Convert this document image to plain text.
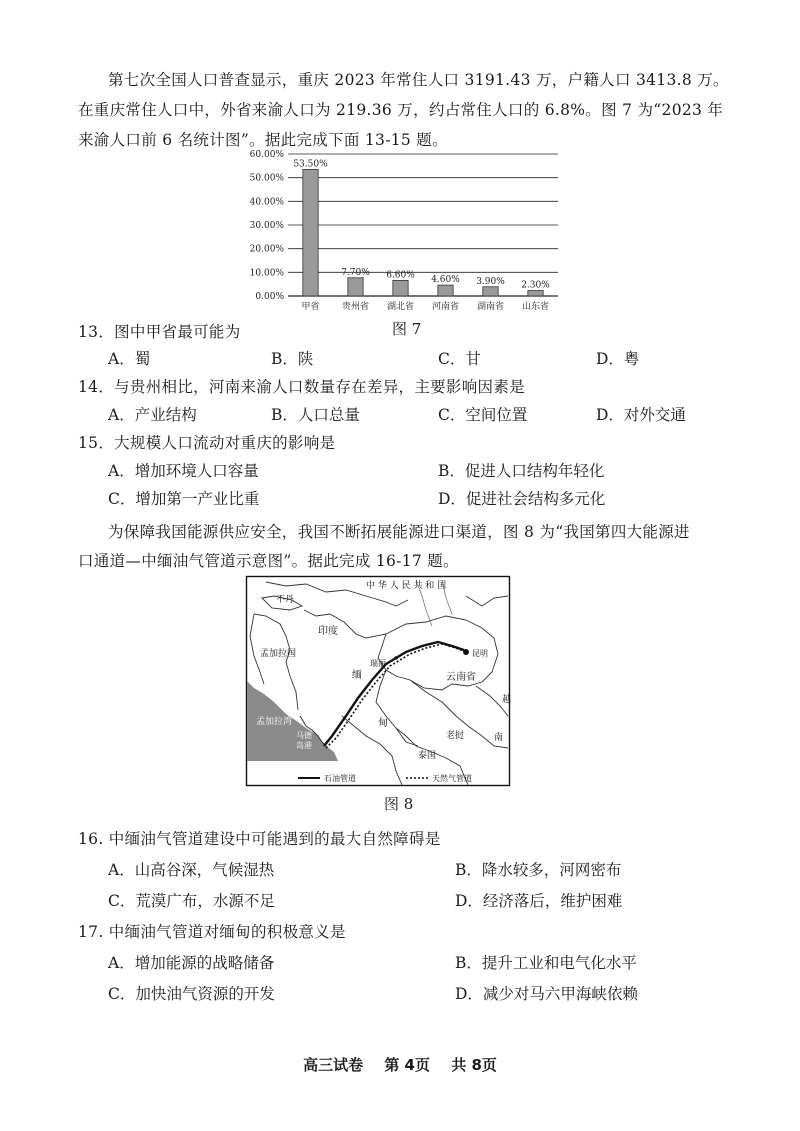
第七次全国人口普查显示，重庆 2023 年常住人口 3191.43 万，户籍人口 3413.8 万。
在重庆常住人口中，外省来渝人口为 219.36 万，约占常住人口的 6.8%。图 7 为“2023 年
来渝人口前 6 名统计图”。据此完成下面 13-15 题。
0.00%
10.00%
20.00%
30.00%
40.00%
50.00%
60.00%
53.50%
7.70% 6.60% 4.60% 3.90% 2.30%
甲省 贵州省 湖北省 河南省 湖南省 山东省
图 7
13．图中甲省最可能为
A．蜀	B．陕	C．甘	D．粤
14．与贵州相比，河南来渝人口数量存在差异，主要影响因素是
A．产业结构	B．人口总量	C．空间位置	D．对外交通
15．大规模人口流动对重庆的影响是
A．增加环境人口容量	B．促进人口结构年轻化
C．增加第一产业比重	D．促进社会结构多元化
为保障我国能源供应安全，我国不断拓展能源进口渠道，图 8 为“我国第四大能源进
口通道—中缅油气管道示意图”。据此完成 16-17 题。
中 华 人 民 共 和 国
不丹
印度
孟加拉国
缅
甸
云南省
昆明
瑞丽
老挝
泰国
越
南
孟加拉湾
马德
岛港
石油管道	天然气管道
图 8
16. 中缅油气管道建设中可能遇到的最大自然障碍是
A．山高谷深，气候湿热	B．降水较多，河网密布
C．荒漠广布，水源不足	D．经济落后，维护困难
17. 中缅油气管道对缅甸的积极意义是
A．增加能源的战略储备	B．提升工业和电气化水平
C．加快油气资源的开发	D．减少对马六甲海峡依赖
高三试卷 第 4页 共 8页
